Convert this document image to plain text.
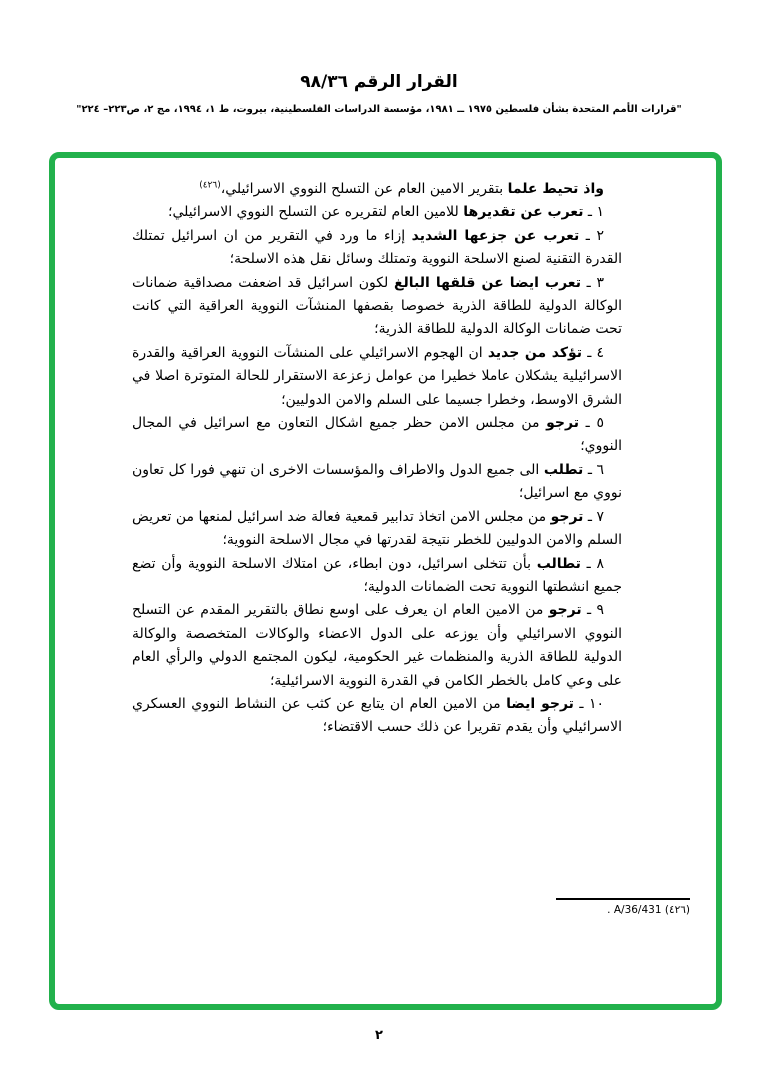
القرار الرقم ٩٨/٣٦
"قرارات الأمم المتحدة بشأن فلسطين ١٩٧٥ ــ ١٩٨١، مؤسسة الدراسات الفلسطينية، بيروت، ط ١، ١٩٩٤، مج ٢، ص٢٢٣– ٢٢٤"

واذ تحيط علما بتقرير الامين العام عن التسلح النووي الاسرائيلي،$^{(٤٢٦)}$

١ ـ تعرب عن تقديرها للامين العام لتقريره عن التسلح النووي الاسرائيلي؛

٢ ـ تعرب عن جزعها الشديد إزاء ما ورد في التقرير من ان اسرائيل تمتلك القدرة التقنية لصنع الاسلحة النووية وتمتلك وسائل نقل هذه الاسلحة؛

٣ ـ تعرب ايضا عن قلقها البالغ لكون اسرائيل قد اضعفت مصداقية ضمانات الوكالة الدولية للطاقة الذرية خصوصا بقصفها المنشآت النووية العراقية التي كانت تحت ضمانات الوكالة الدولية للطاقة الذرية؛

٤ ـ تؤكد من جديد ان الهجوم الاسرائيلي على المنشآت النووية العراقية والقدرة الاسرائيلية يشكلان عاملا خطيرا من عوامل زعزعة الاستقرار للحالة المتوترة اصلا في الشرق الاوسط، وخطرا جسيما على السلم والامن الدوليين؛

٥ ـ ترجو من مجلس الامن حظر جميع اشكال التعاون مع اسرائيل في المجال النووي؛

٦ ـ تطلب الى جميع الدول والاطراف والمؤسسات الاخرى ان تنهي فورا كل تعاون نووي مع اسرائيل؛

٧ ـ ترجو من مجلس الامن اتخاذ تدابير قمعية فعالة ضد اسرائيل لمنعها من تعريض السلم والامن الدوليين للخطر نتيجة لقدرتها في مجال الاسلحة النووية؛

٨ ـ تطالب بأن تتخلى اسرائيل، دون ابطاء، عن امتلاك الاسلحة النووية وأن تضع جميع انشطتها النووية تحت الضمانات الدولية؛

٩ ـ ترجو من الامين العام ان يعرف على اوسع نطاق بالتقرير المقدم عن التسلح النووي الاسرائيلي وأن يوزعه على الدول الاعضاء والوكالات المتخصصة والوكالة الدولية للطاقة الذرية والمنظمات غير الحكومية، ليكون المجتمع الدولي والرأي العام على وعي كامل بالخطر الكامن في القدرة النووية الاسرائيلية؛

١٠ ـ ترجو ايضا من الامين العام ان يتابع عن كثب عن النشاط النووي العسكري الاسرائيلي وأن يقدم تقريرا عن ذلك حسب الاقتضاء؛

(٤٢٦) A/36/431 .
٢
